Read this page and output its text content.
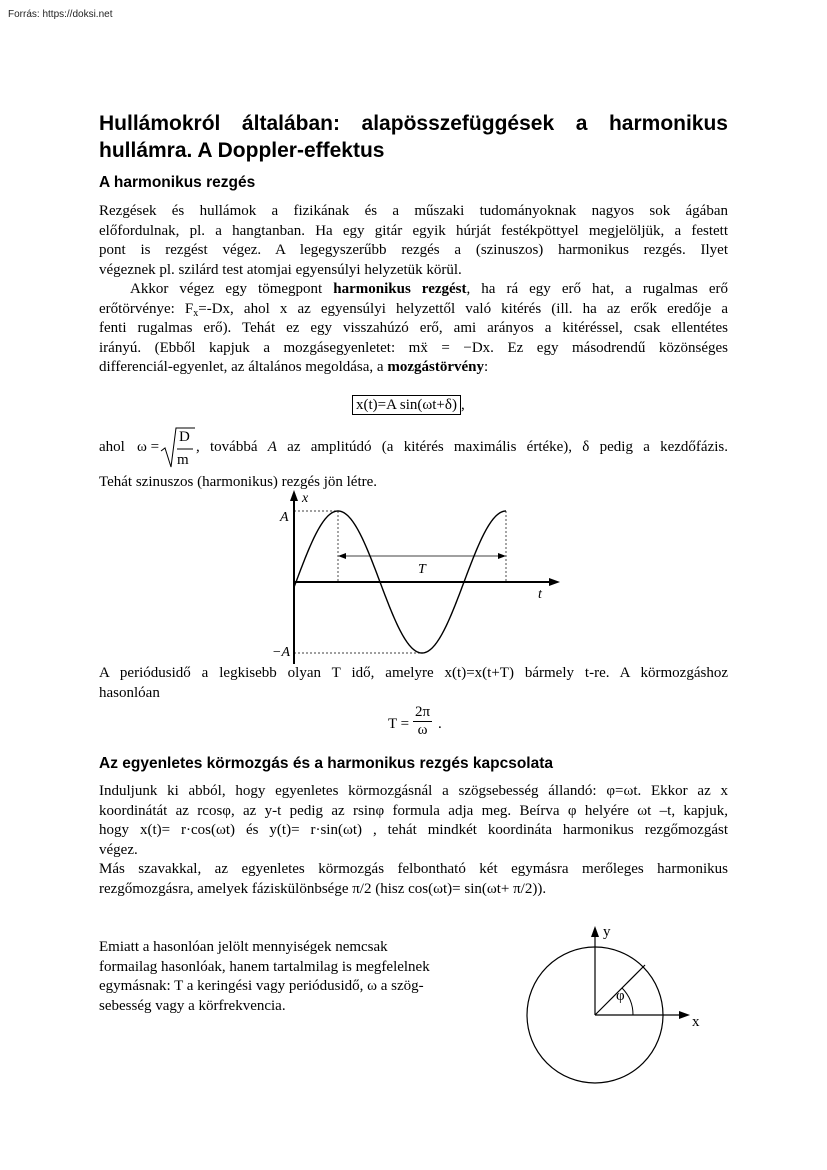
Forrás: https://doksi.net
Hullámokról általában: alapösszefüggések a harmonikus
hullámra. A Doppler-effektus
A harmonikus rezgés
Rezgések és hullámok a fizikának és a műszaki tudományoknak nagyos sok ágában
előfordulnak, pl. a hangtanban. Ha egy gitár egyik húrját festékpöttyel megjelöljük, a festett
pont is rezgést végez. A legegyszerűbb rezgés a (szinuszos) harmonikus rezgés. Ilyet
végeznek pl. szilárd test atomjai egyensúlyi helyzetük körül.
Akkor végez egy tömegpont harmonikus rezgést, ha rá egy erő hat, a rugalmas erő
erőtörvénye: $F_x=-Dx$, ahol x az egyensúlyi helyzettől való kitérés (ill. ha az erők eredője a
fenti rugalmas erő). Tehát ez egy visszahúzó erő, ami arányos a kitéréssel, csak ellentétes
irányú. (Ebből kapjuk a mozgásegyenletet: mẍ = −Dx. Ez egy másodrendű közönséges
differenciál-egyenlet, az általános megoldása, a mozgástörvény:
x(t)=A sin(ωt+δ) ,
ahol ω =
D
m
, továbbá A az amplitúdó (a kitérés maximális értéke), δ pedig a kezdőfázis.
Tehát szinuszos (harmonikus) rezgés jön létre.
A periódusidő a legkisebb olyan T idő, amelyre x(t)=x(t+T) bármely t-re. A körmozgáshoz
hasonlóan
$T = \frac{2\pi}{\omega}$ .
Az egyenletes körmozgás és a harmonikus rezgés kapcsolata
Induljunk ki abból, hogy egyenletes körmozgásnál a szögsebesség állandó: φ=ωt. Ekkor az x
koordinátát az rcosφ, az y-t pedig az rsinφ formula adja meg. Beírva φ helyére ωt –t, kapjuk,
hogy x(t)= r·cos(ωt) és y(t)= r·sin(ωt) , tehát mindkét koordináta harmonikus rezgőmozgást
végez.
Más szavakkal, az egyenletes körmozgás felbontható két egymásra merőleges harmonikus
rezgőmozgásra, amelyek fáziskülönbsége π/2 (hisz cos(ωt)= sin(ωt+ π/2)).
Emiatt a hasonlóan jelölt mennyiségek nemcsak
formailag hasonlóak, hanem tartalmilag is megfelelnek
egymásnak: T a keringési vagy periódusidő, ω a szög-
sebesség vagy a körfrekvencia.
x
t
A
−A
T
y
x
φ
